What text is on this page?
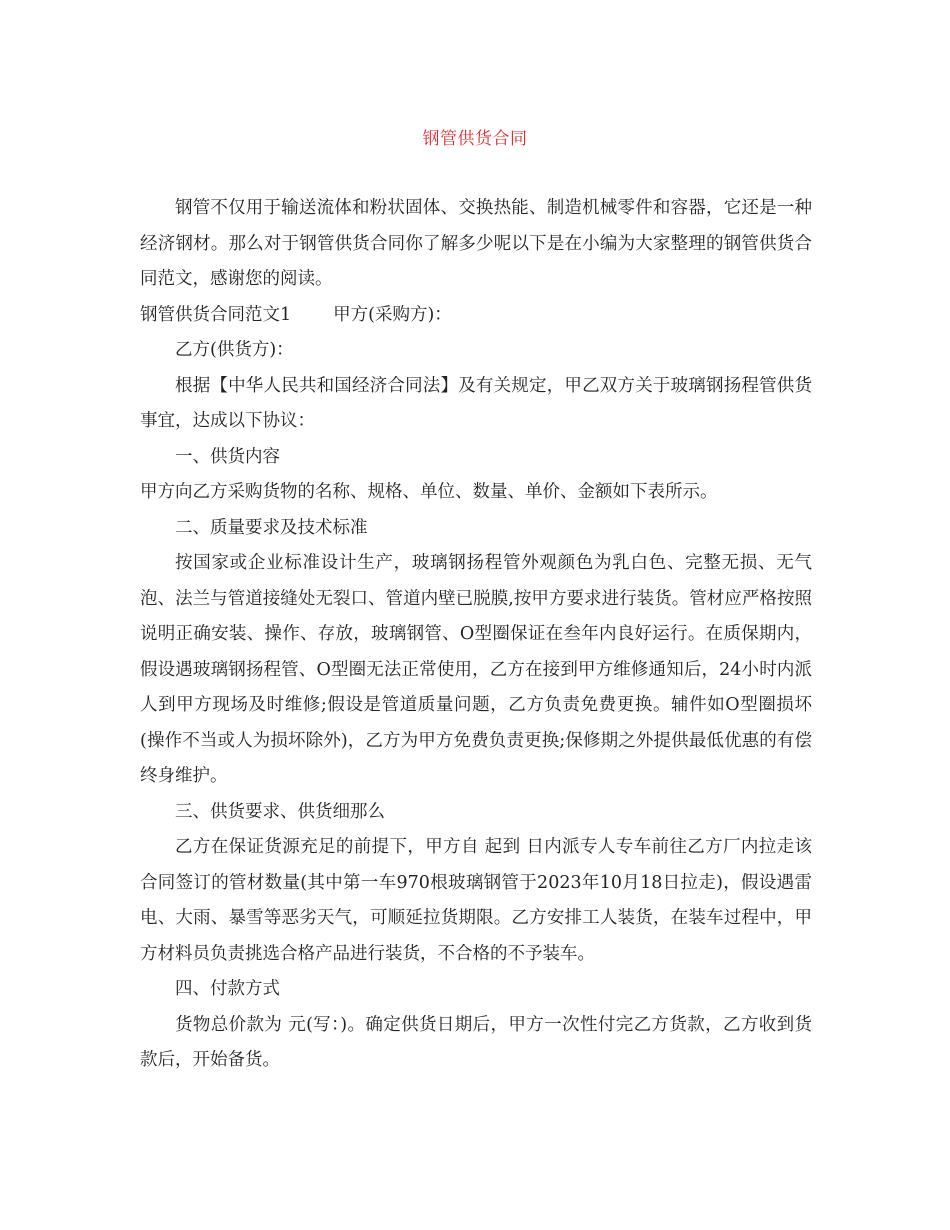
钢管供货合同

钢管不仅用于输送流体和粉状固体、交换热能、制造机械零件和容器，它还是一种经济钢材。那么对于钢管供货合同你了解多少呢以下是在小编为大家整理的钢管供货合同范文，感谢您的阅读。

钢管供货合同范文1 甲方(采购方)：

乙方(供货方)：

根据【中华人民共和国经济合同法】及有关规定，甲乙双方关于玻璃钢扬程管供货事宜，达成以下协议：

一、供货内容

甲方向乙方采购货物的名称、规格、单位、数量、单价、金额如下表所示。

二、质量要求及技术标准

按国家或企业标准设计生产，玻璃钢扬程管外观颜色为乳白色、完整无损、无气泡、法兰与管道接缝处无裂口、管道内壁已脱膜,按甲方要求进行装货。管材应严格按照说明正确安装、操作、存放，玻璃钢管、O型圈保证在叁年内良好运行。在质保期内，假设遇玻璃钢扬程管、O型圈无法正常使用，乙方在接到甲方维修通知后，24小时内派人到甲方现场及时维修;假设是管道质量问题，乙方负责免费更换。辅件如O型圈损坏(操作不当或人为损坏除外)，乙方为甲方免费负责更换;保修期之外提供最低优惠的有偿终身维护。

三、供货要求、供货细那么

乙方在保证货源充足的前提下，甲方自 起到 日内派专人专车前往乙方厂内拉走该合同签订的管材数量(其中第一车970根玻璃钢管于2023年10月18日拉走)，假设遇雷电、大雨、暴雪等恶劣天气，可顺延拉货期限。乙方安排工人装货，在装车过程中，甲方材料员负责挑选合格产品进行装货，不合格的不予装车。

四、付款方式

货物总价款为 元(写：)。确定供货日期后，甲方一次性付完乙方货款，乙方收到货款后，开始备货。
